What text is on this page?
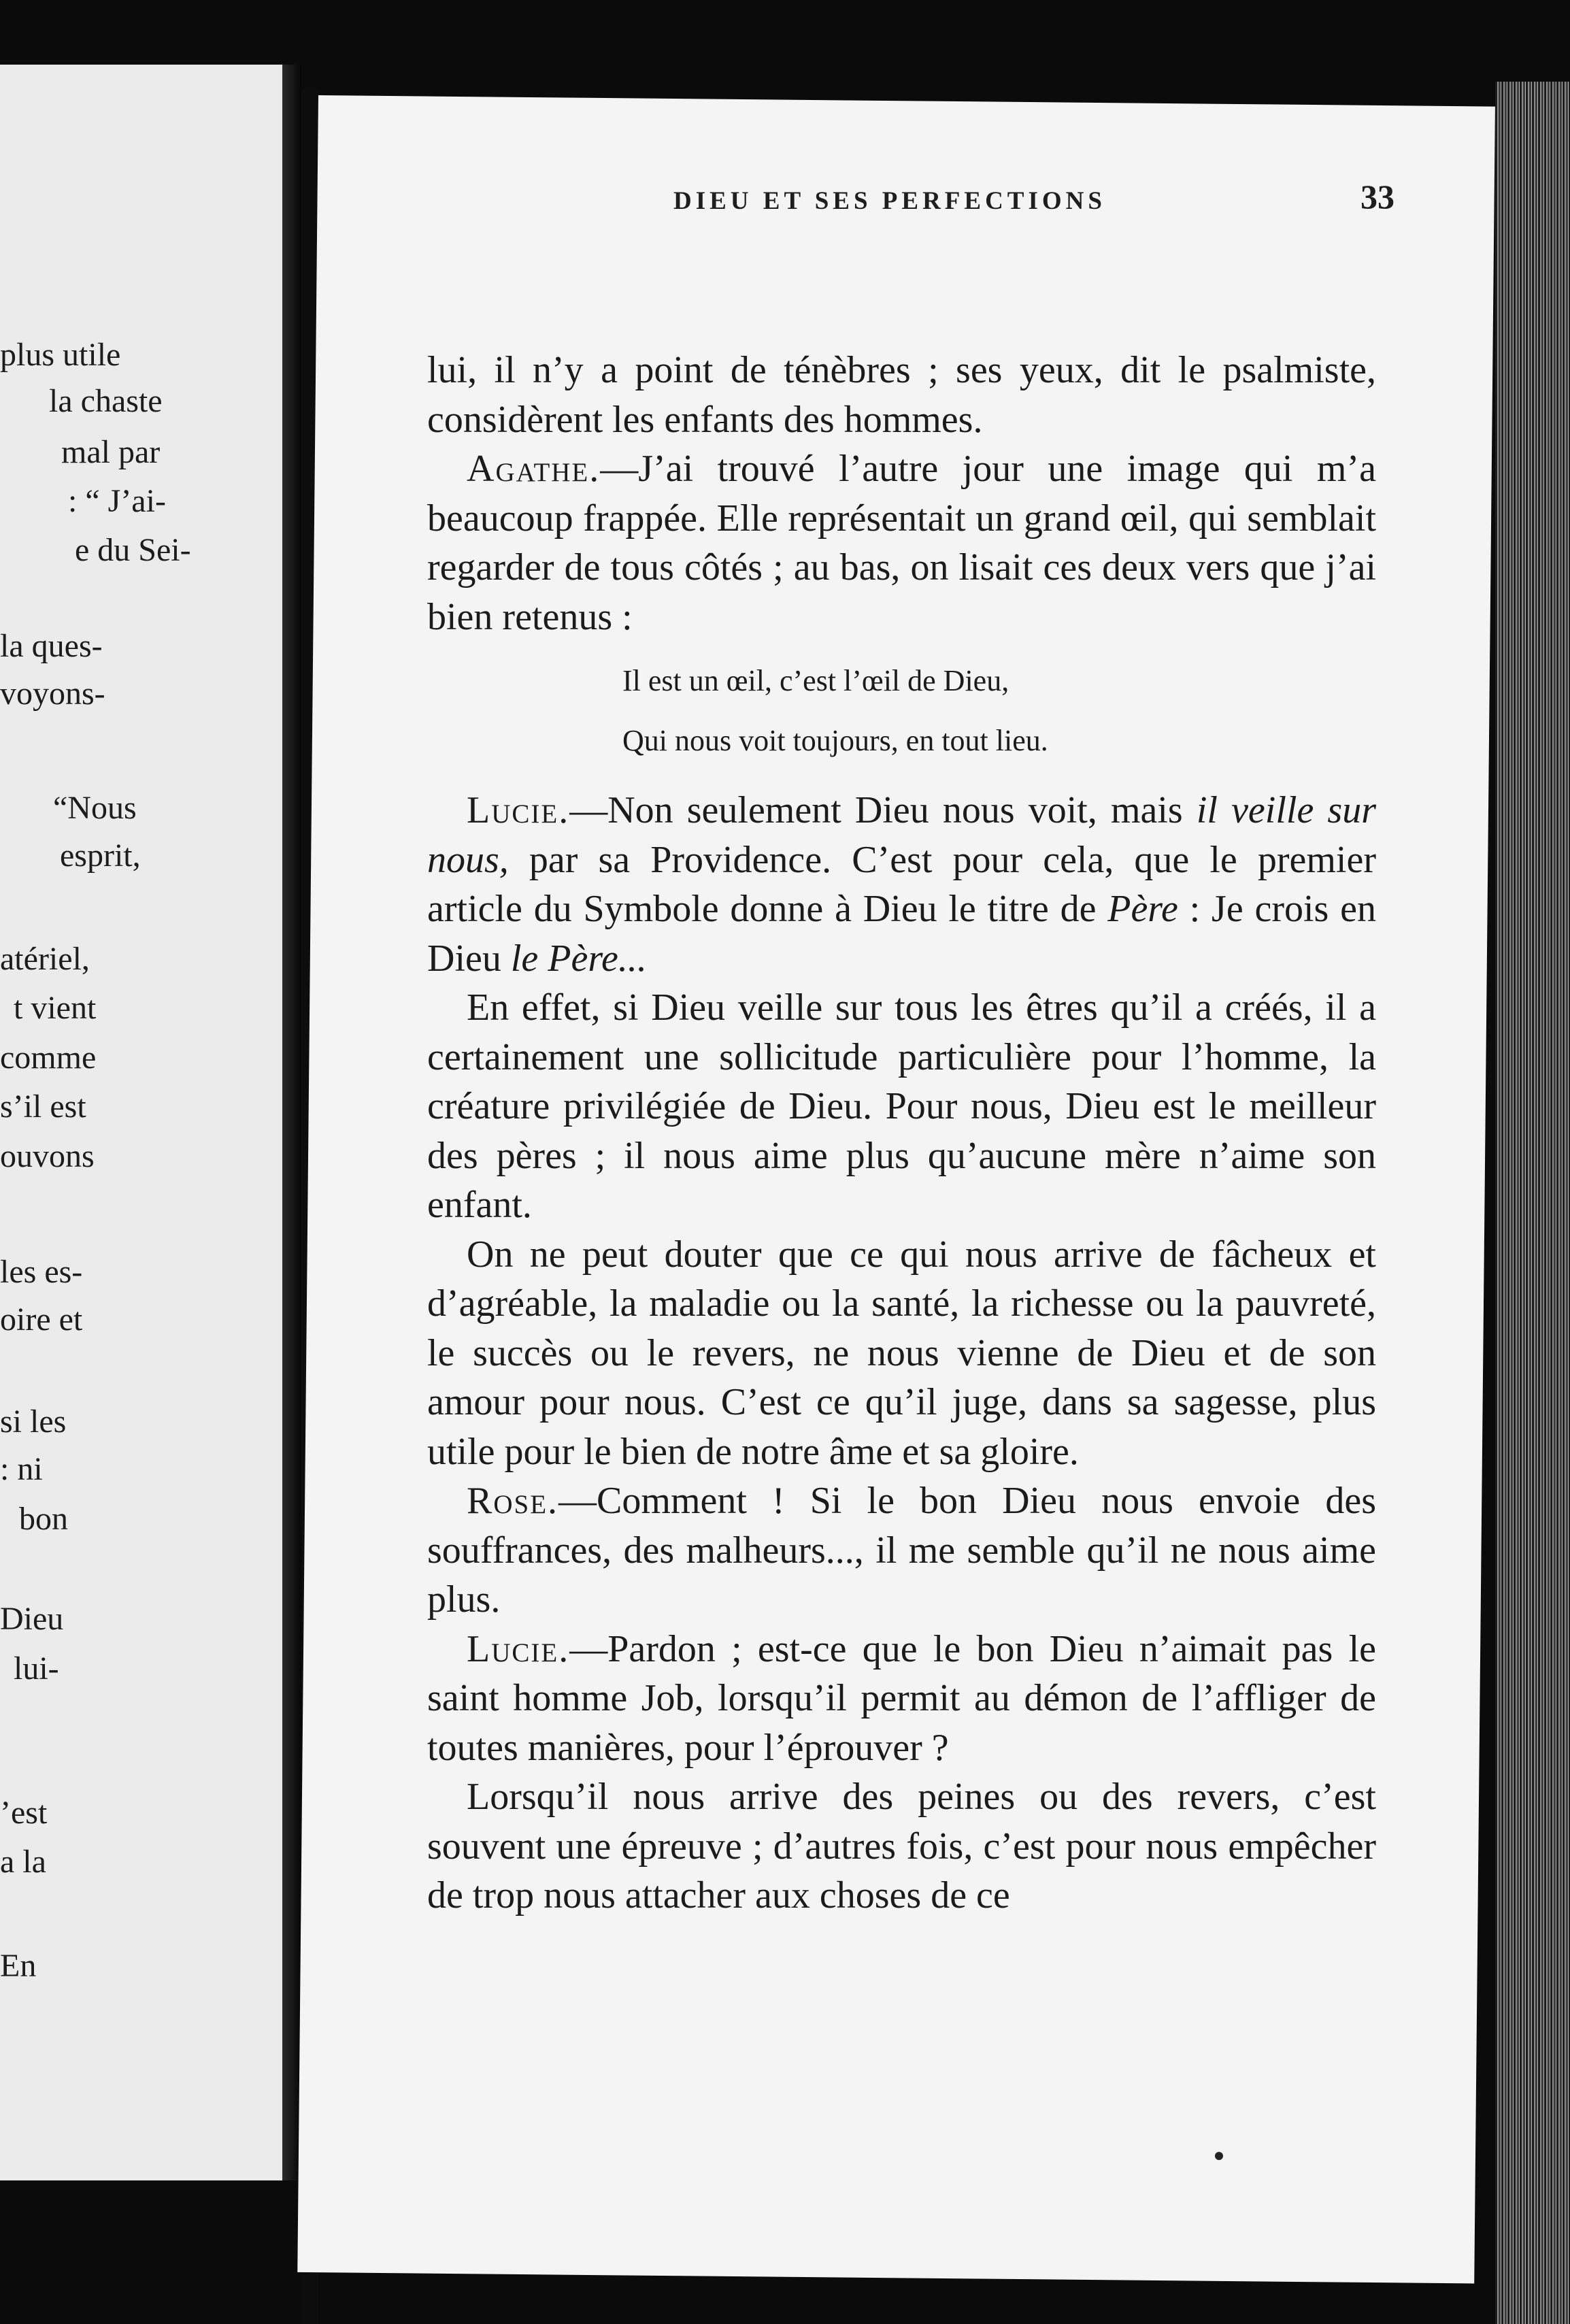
plus utile

la chaste

mal par

: “ J’ai-

e du Sei-

la ques-

voyons-

“Nous

esprit,

atériel,

t vient

comme

s’il est

ouvons

les es-

oire et

si les

: ni

bon

Dieu

lui-

’est

a la

En

DIEU ET SES PERFECTIONS	33

lui, il n’y a point de ténèbres ; ses yeux, dit le psalmiste, considèrent les enfants des hommes.

Agathe.—J’ai trouvé l’autre jour une image qui m’a beaucoup frappée. Elle représentait un grand œil, qui semblait regarder de tous côtés ; au bas, on lisait ces deux vers que j’ai bien retenus :

Il est un œil, c’est l’œil de Dieu,
Qui nous voit toujours, en tout lieu.

Lucie.—Non seulement Dieu nous voit, mais il veille sur nous, par sa Providence. C’est pour cela, que le premier article du Symbole donne à Dieu le titre de Père : Je crois en Dieu le Père...

En effet, si Dieu veille sur tous les êtres qu’il a créés, il a certainement une sollicitude particulière pour l’homme, la créature privilégiée de Dieu. Pour nous, Dieu est le meilleur des pères ; il nous aime plus qu’aucune mère n’aime son enfant.

On ne peut douter que ce qui nous arrive de fâcheux et d’agréable, la maladie ou la santé, la richesse ou la pauvreté, le succès ou le revers, ne nous vienne de Dieu et de son amour pour nous. C’est ce qu’il juge, dans sa sagesse, plus utile pour le bien de notre âme et sa gloire.

Rose.—Comment ! Si le bon Dieu nous envoie des souffrances, des malheurs..., il me semble qu’il ne nous aime plus.

Lucie.—Pardon ; est-ce que le bon Dieu n’aimait pas le saint homme Job, lorsqu’il permit au démon de l’affliger de toutes manières, pour l’éprouver ?

Lorsqu’il nous arrive des peines ou des revers, c’est souvent une épreuve ; d’autres fois, c’est pour nous empêcher de trop nous attacher aux choses de ce
